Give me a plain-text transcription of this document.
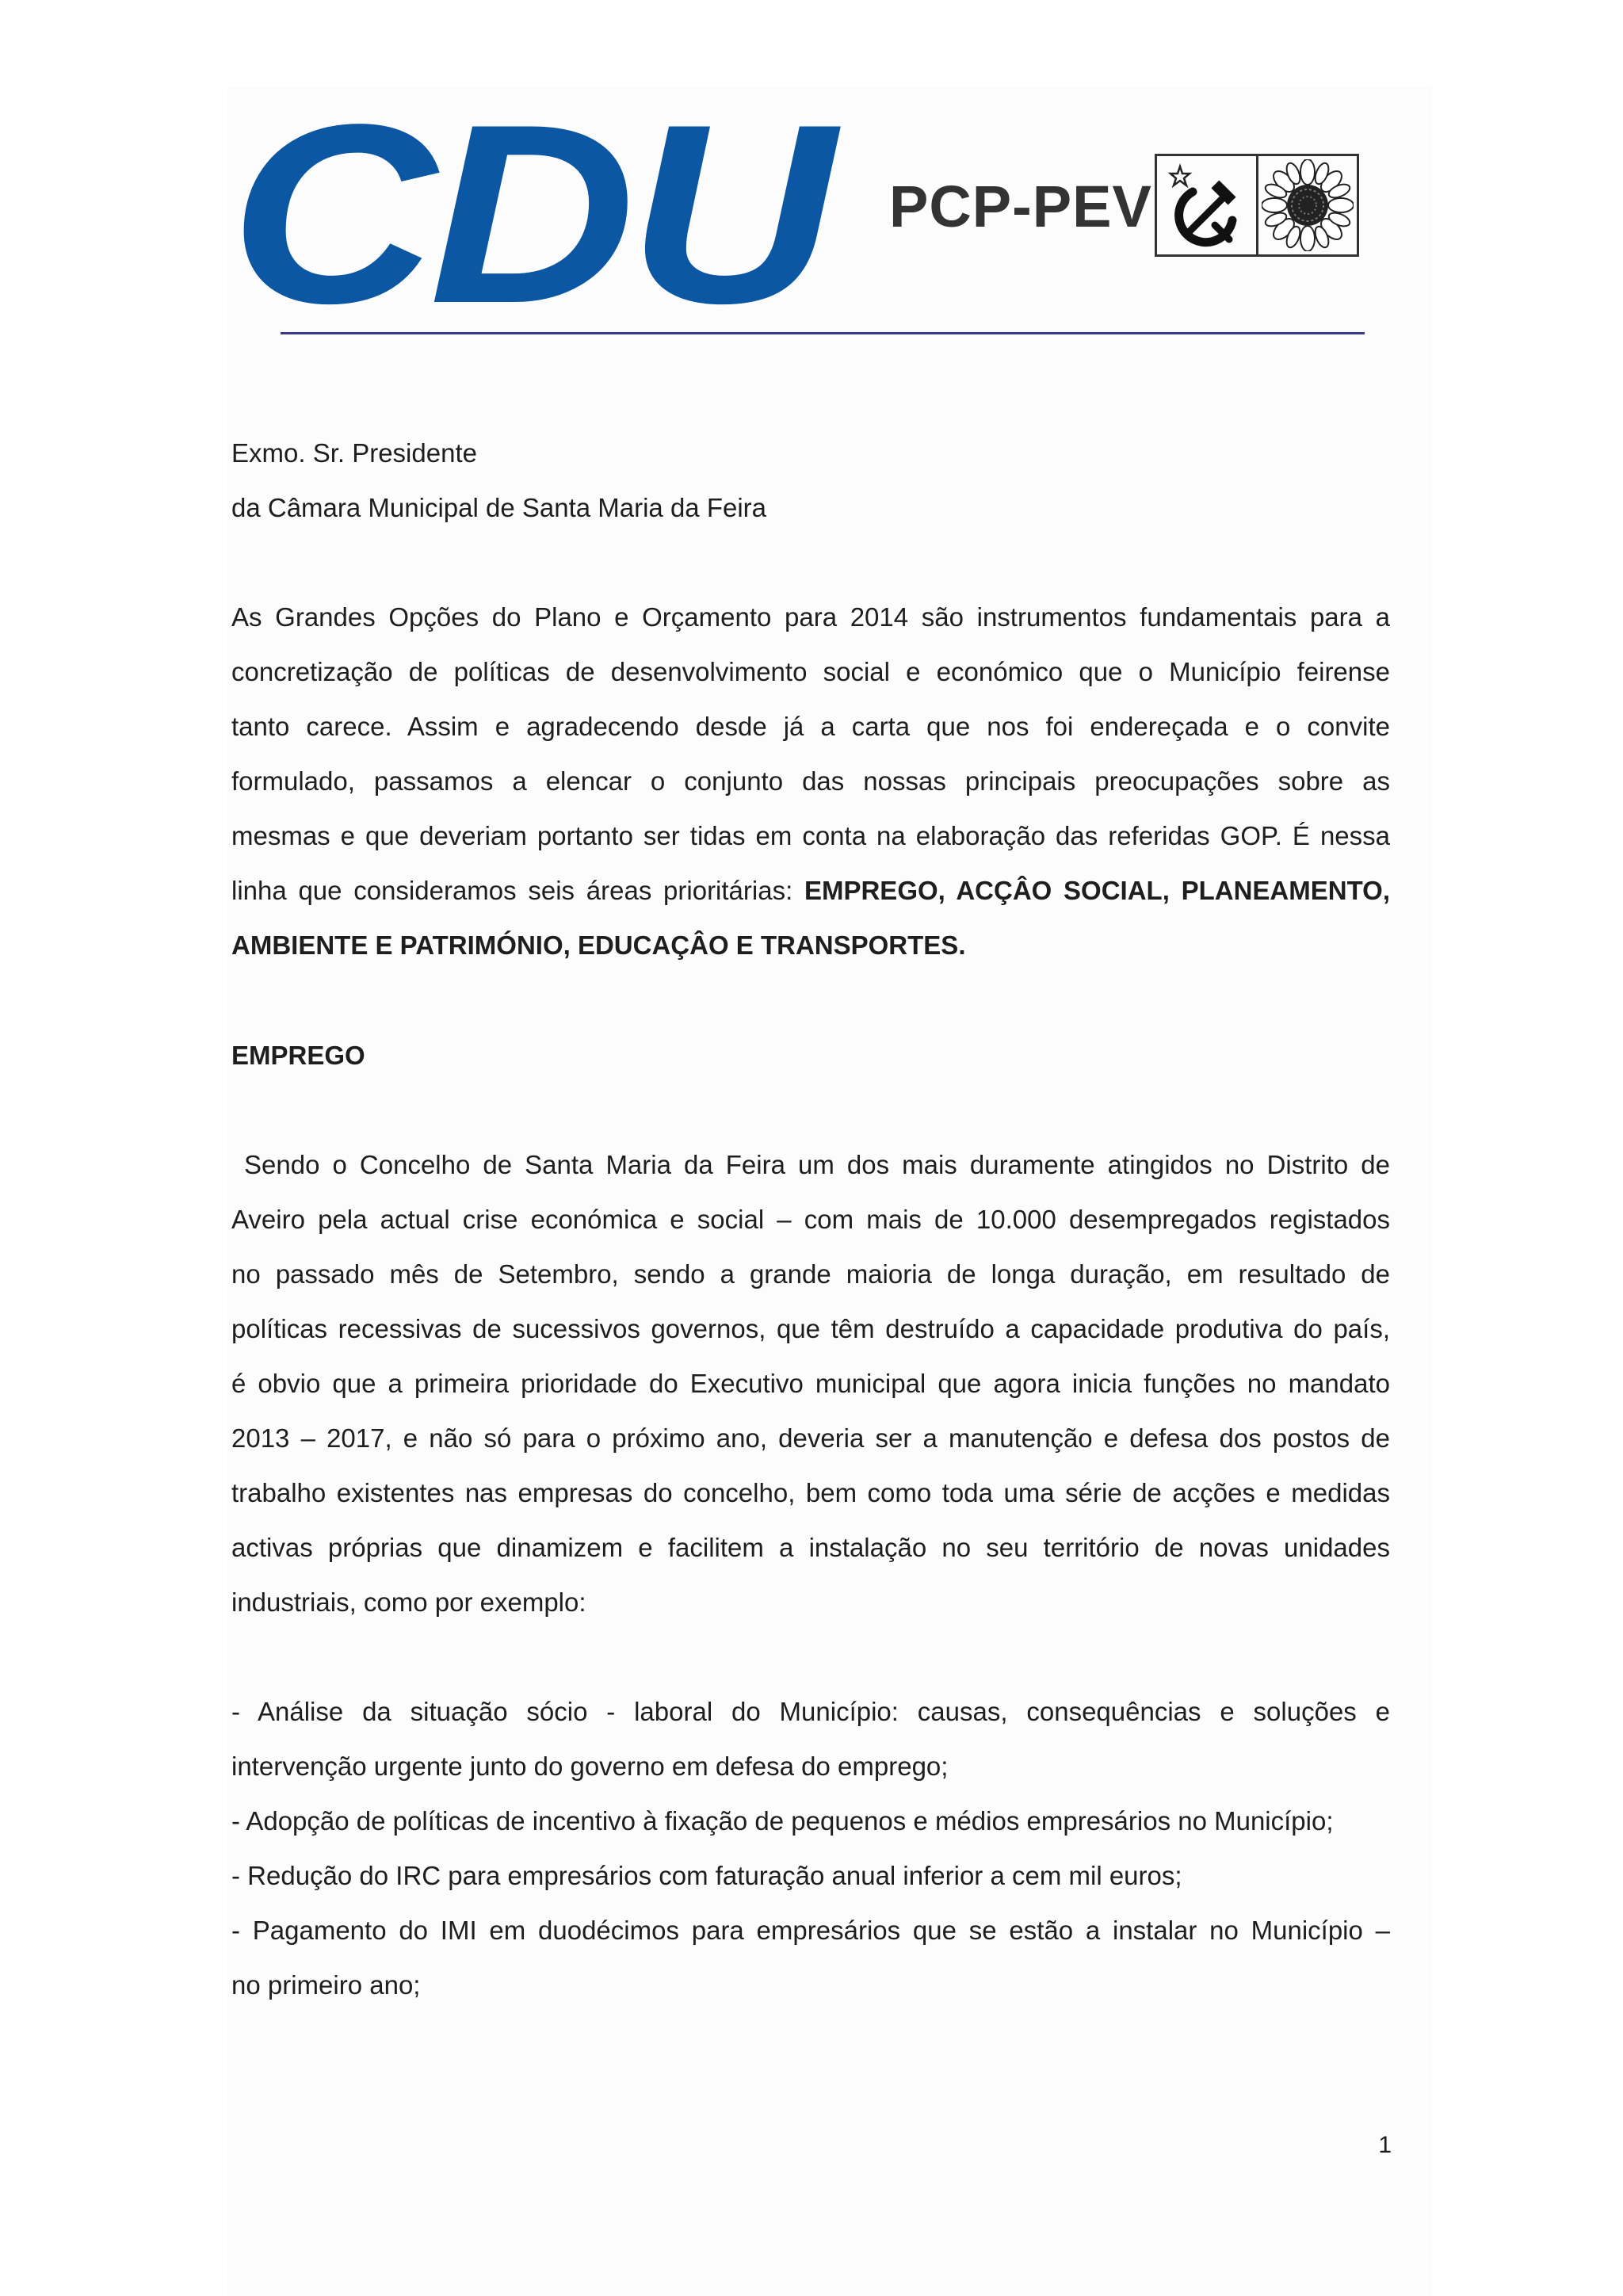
CDU PCP-PEV
Exmo. Sr. Presidente
da Câmara Municipal de Santa Maria da Feira
As Grandes Opções do Plano e Orçamento para 2014 são instrumentos fundamentais para a
concretização de políticas de desenvolvimento social e económico que o Município feirense
tanto carece. Assim e agradecendo desde já a carta que nos foi endereçada e o convite
formulado, passamos a elencar o conjunto das nossas principais preocupações sobre as
mesmas e que deveriam portanto ser tidas em conta na elaboração das referidas GOP. É nessa
linha que consideramos seis áreas prioritárias: EMPREGO, ACÇÂO SOCIAL, PLANEAMENTO,
AMBIENTE E PATRIMÓNIO, EDUCAÇÂO E TRANSPORTES.
EMPREGO
Sendo o Concelho de Santa Maria da Feira um dos mais duramente atingidos no Distrito de
Aveiro pela actual crise económica e social – com mais de 10.000 desempregados registados
no passado mês de Setembro, sendo a grande maioria de longa duração, em resultado de
políticas recessivas de sucessivos governos, que têm destruído a capacidade produtiva do país,
é obvio que a primeira prioridade do Executivo municipal que agora inicia funções no mandato
2013 – 2017, e não só para o próximo ano, deveria ser a manutenção e defesa dos postos de
trabalho existentes nas empresas do concelho, bem como toda uma série de acções e medidas
activas próprias que dinamizem e facilitem a instalação no seu território de novas unidades
industriais, como por exemplo:
- Análise da situação sócio - laboral do Município: causas, consequências e soluções e
intervenção urgente junto do governo em defesa do emprego;
- Adopção de políticas de incentivo à fixação de pequenos e médios empresários no Município;
- Redução do IRC para empresários com faturação anual inferior a cem mil euros;
- Pagamento do IMI em duodécimos para empresários que se estão a instalar no Município –
no primeiro ano;
1
